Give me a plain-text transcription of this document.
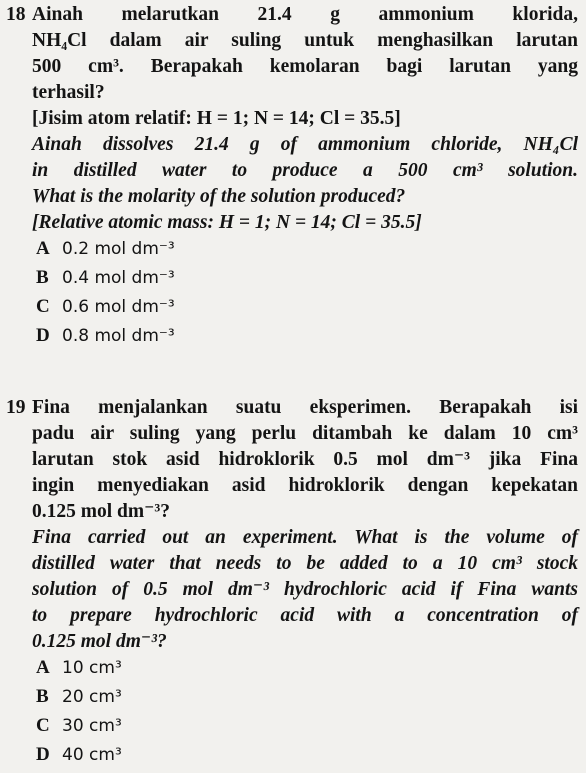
18 Ainah melarutkan 21.4 g ammonium klorida,
NH₄Cl dalam air suling untuk menghasilkan larutan
500 cm³. Berapakah kemolaran bagi larutan yang
terhasil?
[Jisim atom relatif: H = 1; N = 14; Cl = 35.5]
Ainah dissolves 21.4 g of ammonium chloride, NH₄Cl
in distilled water to produce a 500 cm³ solution.
What is the molarity of the solution produced?
[Relative atomic mass: H = 1; N = 14; Cl = 35.5]
A 0.2 mol dm⁻³
B 0.4 mol dm⁻³
C 0.6 mol dm⁻³
D 0.8 mol dm⁻³
19 Fina menjalankan suatu eksperimen. Berapakah isi
padu air suling yang perlu ditambah ke dalam 10 cm³
larutan stok asid hidroklorik 0.5 mol dm⁻³ jika Fina
ingin menyediakan asid hidroklorik dengan kepekatan
0.125 mol dm⁻³?
Fina carried out an experiment. What is the volume of
distilled water that needs to be added to a 10 cm³ stock
solution of 0.5 mol dm⁻³ hydrochloric acid if Fina wants
to prepare hydrochloric acid with a concentration of
0.125 mol dm⁻³?
A 10 cm³
B 20 cm³
C 30 cm³
D 40 cm³
